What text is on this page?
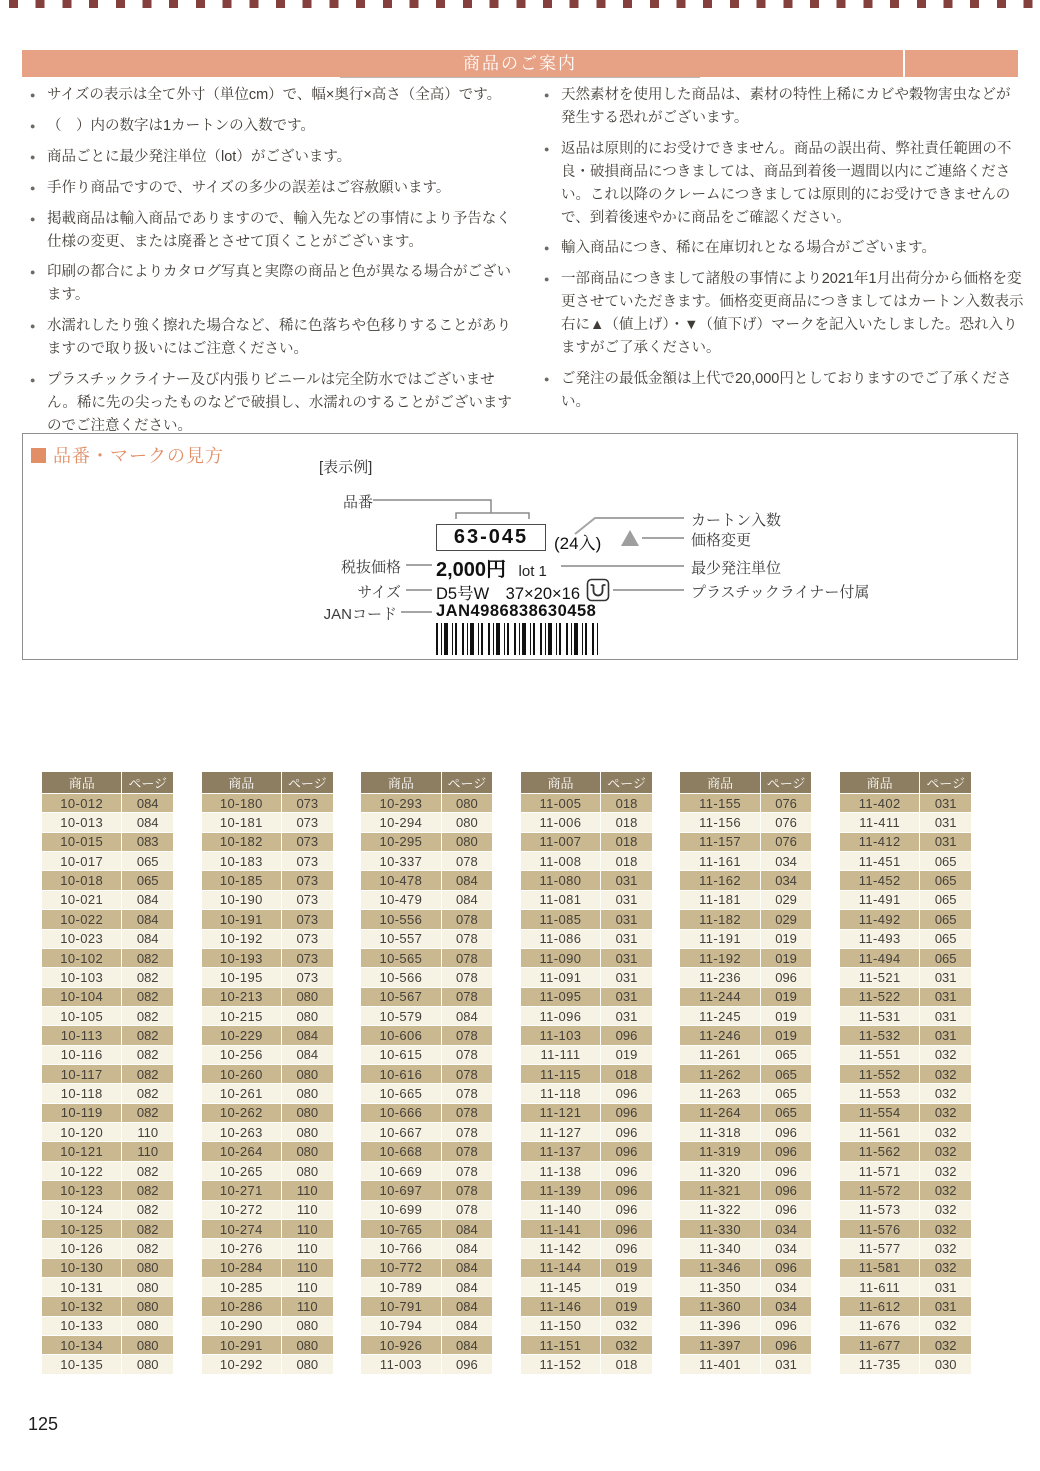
商品のご案内
● サイズの表示は全て外寸（単位cm）で、幅×奥行×高さ（全高）です。
● （　）内の数字は1カートンの入数です。
● 商品ごとに最少発注単位（lot）がございます。
● 手作り商品ですので、サイズの多少の誤差はご容赦願います。
● 掲載商品は輸入商品でありますので、輸入先などの事情により予告なく仕様の変更、または廃番とさせて頂くことがございます。
● 印刷の都合によりカタログ写真と実際の商品と色が異なる場合がございます。
● 水濡れしたり強く擦れた場合など、稀に色落ちや色移りすることがありますので取り扱いにはご注意ください。
● プラスチックライナー及び内張りビニールは完全防水ではございません。稀に先の尖ったものなどで破損し、水濡れのすることがございますのでご注意ください。
● 天然素材を使用した商品は、素材の特性上稀にカビや穀物害虫などが発生する恐れがございます。
● 返品は原則的にお受けできません。商品の誤出荷、弊社責任範囲の不良・破損商品につきましては、商品到着後一週間以内にご連絡ください。これ以降のクレームにつきましては原則的にお受けできませんので、到着後速やかに商品をご確認ください。
● 輸入商品につき、稀に在庫切れとなる場合がございます。
● 一部商品につきまして諸般の事情により2021年1月出荷分から価格を変更させていただきます。価格変更商品につきましてはカートン入数表示右に▲（値上げ）・▼（値下げ）マークを記入いたしました。恐れ入りますがご了承ください。
● ご発注の最低金額は上代で20,000円としておりますのでご了承ください。
品番・マークの見方
[表示例]
品番
税抜価格
サイズ
JANコード
カートン入数
価格変更
最少発注単位
プラスチックライナー付属
63-045	(24入)
2,000円 lot 1
D5号W　37×20×16
JAN4986838630458
商品	ページ
10-012	084
10-013	084
10-015	083
10-017	065
10-018	065
10-021	084
10-022	084
10-023	084
10-102	082
10-103	082
10-104	082
10-105	082
10-113	082
10-116	082
10-117	082
10-118	082
10-119	082
10-120	110
10-121	110
10-122	082
10-123	082
10-124	082
10-125	082
10-126	082
10-130	080
10-131	080
10-132	080
10-133	080
10-134	080
10-135	080
商品	ページ
10-180	073
10-181	073
10-182	073
10-183	073
10-185	073
10-190	073
10-191	073
10-192	073
10-193	073
10-195	073
10-213	080
10-215	080
10-229	084
10-256	084
10-260	080
10-261	080
10-262	080
10-263	080
10-264	080
10-265	080
10-271	110
10-272	110
10-274	110
10-276	110
10-284	110
10-285	110
10-286	110
10-290	080
10-291	080
10-292	080
商品	ページ
10-293	080
10-294	080
10-295	080
10-337	078
10-478	084
10-479	084
10-556	078
10-557	078
10-565	078
10-566	078
10-567	078
10-579	084
10-606	078
10-615	078
10-616	078
10-665	078
10-666	078
10-667	078
10-668	078
10-669	078
10-697	078
10-699	078
10-765	084
10-766	084
10-772	084
10-789	084
10-791	084
10-794	084
10-926	084
11-003	096
商品	ページ
11-005	018
11-006	018
11-007	018
11-008	018
11-080	031
11-081	031
11-085	031
11-086	031
11-090	031
11-091	031
11-095	031
11-096	031
11-103	096
11-111	019
11-115	018
11-118	096
11-121	096
11-127	096
11-137	096
11-138	096
11-139	096
11-140	096
11-141	096
11-142	096
11-144	019
11-145	019
11-146	019
11-150	032
11-151	032
11-152	018
商品	ページ
11-155	076
11-156	076
11-157	076
11-161	034
11-162	034
11-181	029
11-182	029
11-191	019
11-192	019
11-236	096
11-244	019
11-245	019
11-246	019
11-261	065
11-262	065
11-263	065
11-264	065
11-318	096
11-319	096
11-320	096
11-321	096
11-322	096
11-330	034
11-340	034
11-346	096
11-350	034
11-360	034
11-396	096
11-397	096
11-401	031
商品	ページ
11-402	031
11-411	031
11-412	031
11-451	065
11-452	065
11-491	065
11-492	065
11-493	065
11-494	065
11-521	031
11-522	031
11-531	031
11-532	031
11-551	032
11-552	032
11-553	032
11-554	032
11-561	032
11-562	032
11-571	032
11-572	032
11-573	032
11-576	032
11-577	032
11-581	032
11-611	031
11-612	031
11-676	032
11-677	032
11-735	030
125
